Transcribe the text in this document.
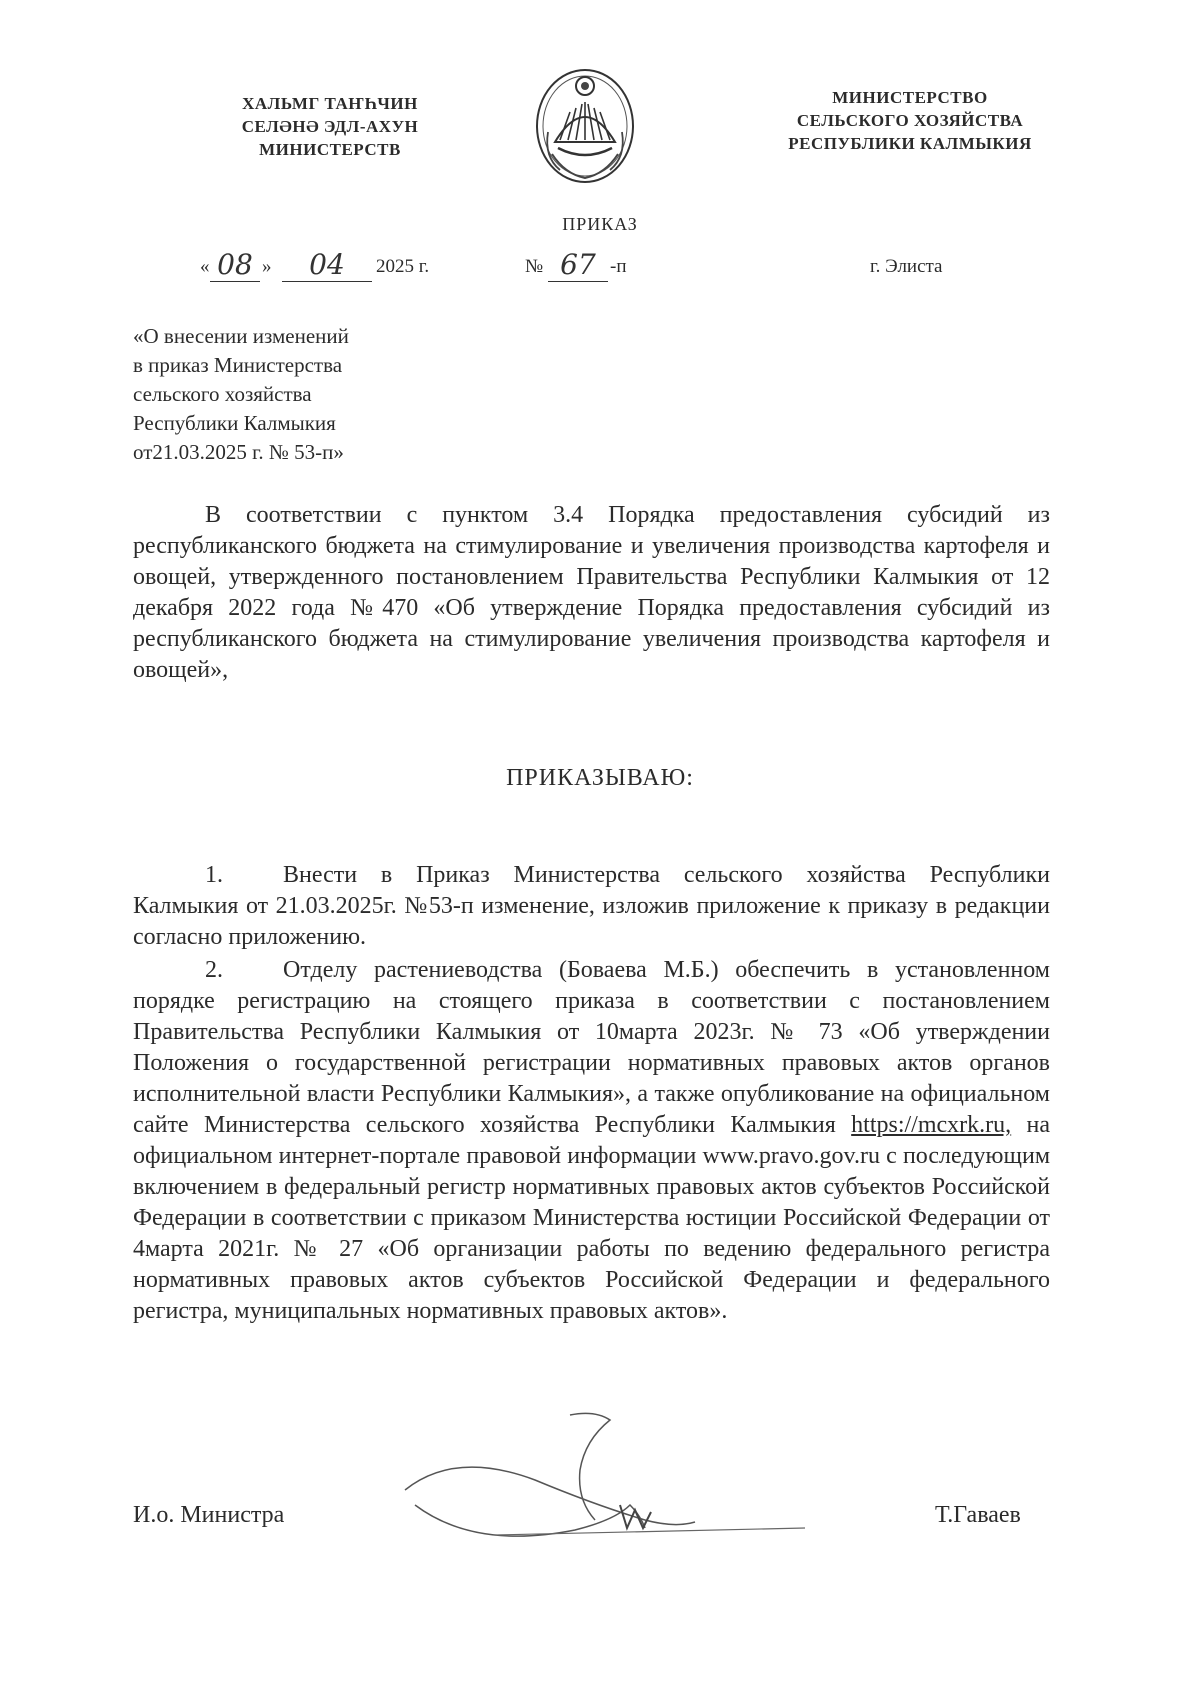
ХАЛЬМГ ТАҤҺЧИН
СЕЛӘНӘ ЭДЛ-АХУН
МИНИСТЕРСТВ
МИНИСТЕРСТВО
СЕЛЬСКОГО ХОЗЯЙСТВА
РЕСПУБЛИКИ КАЛМЫКИЯ
ПРИКАЗ
« 08 »	04	2025 г.	№ 67 -п	г. Элиста
«О внесении изменений
в приказ Министерства
сельского хозяйства
Республики Калмыкия
от21.03.2025 г. № 53-п»
В соответствии с пунктом 3.4 Порядка предоставления субсидий из республиканского бюджета на стимулирование и увеличения производства картофеля и овощей, утвержденного постановлением Правительства Республики Калмыкия от 12 декабря 2022 года №470 «Об утверждение Порядка предоставления субсидий из республиканского бюджета на стимулирование увеличения производства картофеля и овощей»,
ПРИКАЗЫВАЮ:
1.	Внести в Приказ Министерства сельского хозяйства Республики Калмыкия от 21.03.2025г. №53-п изменение, изложив приложение к приказу в редакции согласно приложению.
2.	Отделу растениеводства (Боваева М.Б.) обеспечить в установленном порядке регистрацию на стоящего приказа в соответствии с постановлением Правительства Республики Калмыкия от 10марта 2023г. № 73 «Об утверждении Положения о государственной регистрации нормативных правовых актов органов исполнительной власти Республики Калмыкия», а также опубликование на официальном сайте Министерства сельского хозяйства Республики Калмыкия https://mcxrk.ru, на официальном интернет-портале правовой информации www.pravo.gov.ru с последующим включением в федеральный регистр нормативных правовых актов субъектов Российской Федерации в соответствии с приказом Министерства юстиции Российской Федерации от 4марта 2021г. № 27 «Об организации работы по ведению федерального регистра нормативных правовых актов субъектов Российской Федерации и федерального регистра, муниципальных нормативных правовых актов».
И.о. Министра	Т.Гаваев
